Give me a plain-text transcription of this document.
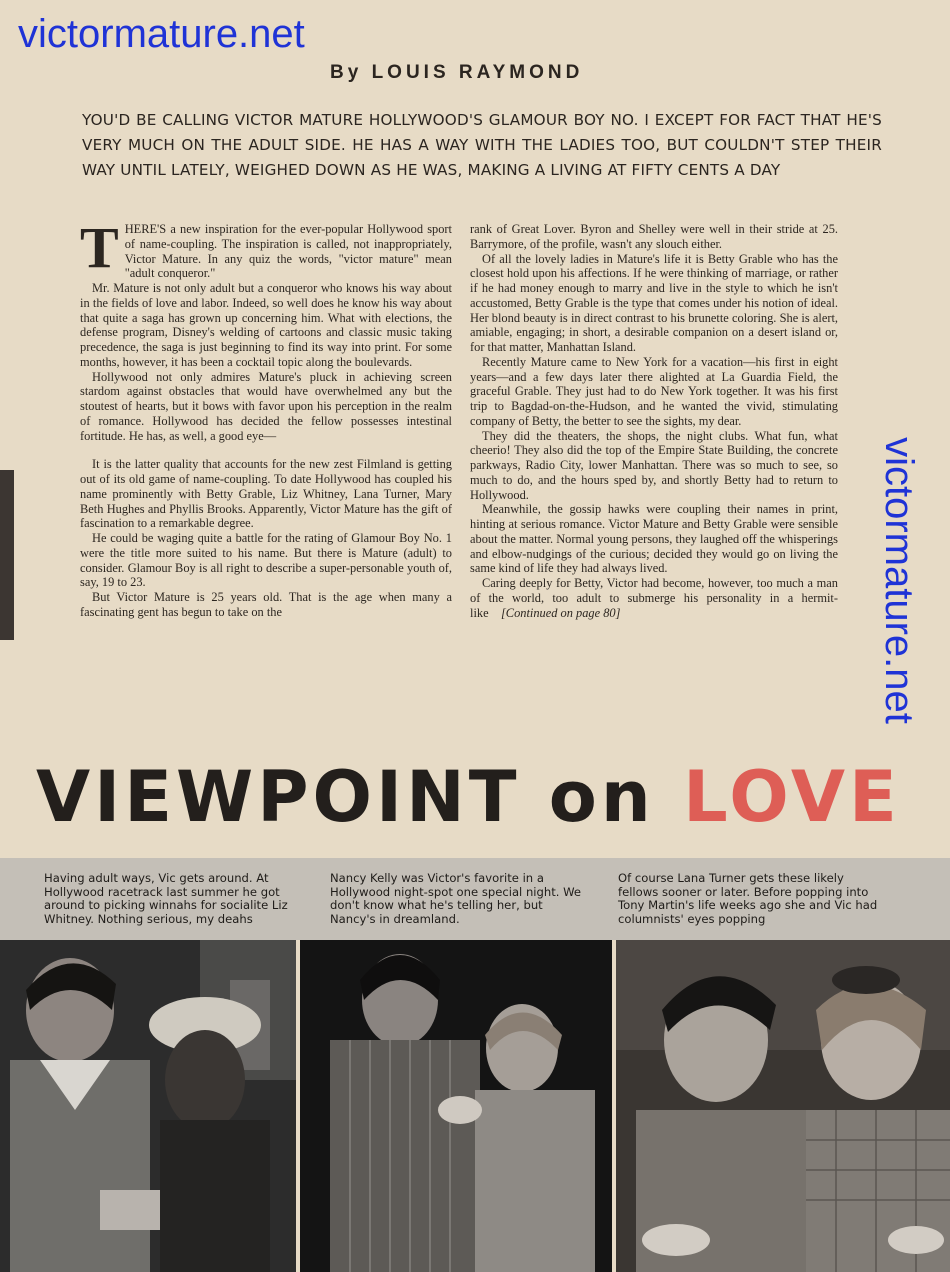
victormature.net
victormature.net
By LOUIS RAYMOND
YOU'D BE CALLING VICTOR MATURE HOLLYWOOD'S GLAMOUR BOY NO. I EXCEPT FOR FACT THAT HE'S VERY MUCH ON THE ADULT SIDE. HE HAS A WAY WITH THE LADIES TOO, BUT COULDN'T STEP THEIR WAY UNTIL LATELY, WEIGHED DOWN AS HE WAS, MAKING A LIVING AT FIFTY CENTS A DAY
T HERE'S a new inspiration for the ever-popular Hollywood sport of name-coupling. The inspiration is called, not inappropriately, Victor Mature. In any quiz the words, "victor mature" mean "adult conqueror."

Mr. Mature is not only adult but a conqueror who knows his way about in the fields of love and labor. Indeed, so well does he know his way about that quite a saga has grown up concerning him. What with elections, the defense program, Disney's welding of cartoons and classic music taking precedence, the saga is just beginning to find its way into print. For some months, however, it has been a cocktail topic along the boulevards.

Hollywood not only admires Mature's pluck in achieving screen stardom against obstacles that would have overwhelmed any but the stoutest of hearts, but it bows with favor upon his perception in the realm of romance. Hollywood has decided the fellow possesses intestinal fortitude. He has, as well, a good eye—

It is the latter quality that accounts for the new zest Filmland is getting out of its old game of name-coupling. To date Hollywood has coupled his name prominently with Betty Grable, Liz Whitney, Lana Turner, Mary Beth Hughes and Phyllis Brooks. Apparently, Victor Mature has the gift of fascination to a remarkable degree.

He could be waging quite a battle for the rating of Glamour Boy No. 1 were the title more suited to his name. But there is Mature (adult) to consider. Glamour Boy is all right to describe a super-personable youth of, say, 19 to 23.

But Victor Mature is 25 years old. That is the age when many a fascinating gent has begun to take on the

rank of Great Lover. Byron and Shelley were well in their stride at 25. Barrymore, of the profile, wasn't any slouch either.

Of all the lovely ladies in Mature's life it is Betty Grable who has the closest hold upon his affections. If he were thinking of marriage, or rather if he had money enough to marry and live in the style to which he isn't accustomed, Betty Grable is the type that comes under his notion of ideal. Her blond beauty is in direct contrast to his brunette coloring. She is alert, amiable, engaging; in short, a desirable companion on a desert island or, for that matter, Manhattan Island.

Recently Mature came to New York for a vacation—his first in eight years—and a few days later there alighted at La Guardia Field, the graceful Grable. They just had to do New York together. It was his first trip to Bagdad-on-the-Hudson, and he wanted the vivid, stimulating company of Betty, the better to see the sights, my dear.

They did the theaters, the shops, the night clubs. What fun, what cheerio! They also did the top of the Empire State Building, the concrete parkways, Radio City, lower Manhattan. There was so much to see, so much to do, and the hours sped by, and shortly Betty had to return to Hollywood.

Meanwhile, the gossip hawks were coupling their names in print, hinting at serious romance. Victor Mature and Betty Grable were sensible about the matter. Normal young persons, they laughed off the whisperings and elbow-nudgings of the curious; decided they would go on living the same kind of life they had always lived.

Caring deeply for Betty, Victor had become, however, too much a man of the world, too adult to submerge his personality in a hermit-like [Continued on page 80]

VIEWPOINT on LOVE
Having adult ways, Vic gets around. At Hollywood racetrack last summer he got around to picking winnahs for socialite Liz Whitney. Nothing serious, my deahs
Nancy Kelly was Victor's favorite in a Hollywood night-spot one special night. We don't know what he's telling her, but Nancy's in dreamland.
Of course Lana Turner gets these likely fellows sooner or later. Before popping into Tony Martin's life weeks ago she and Vic had columnists' eyes popping
